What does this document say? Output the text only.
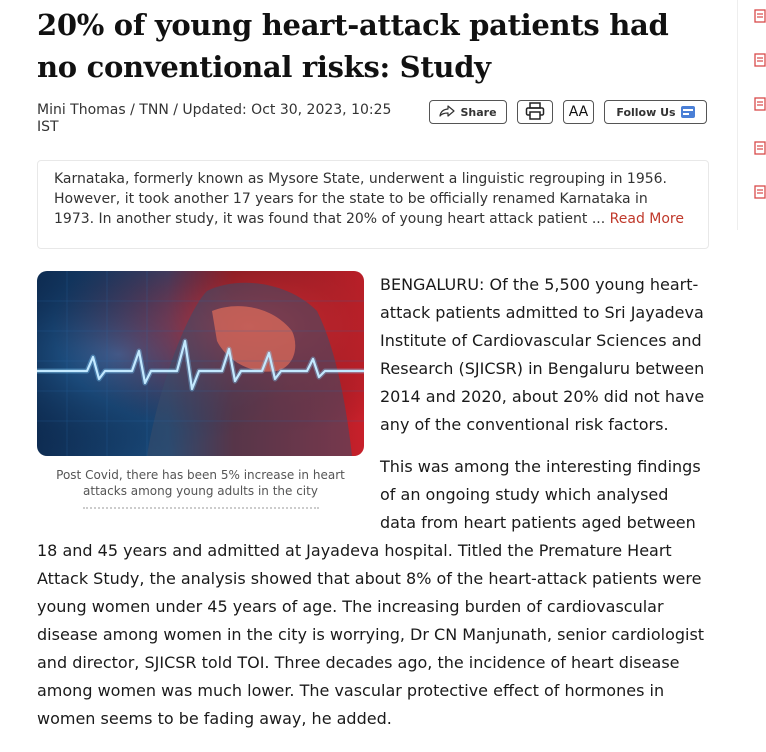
20% of young heart-attack patients had no conventional risks: Study
Mini Thomas / TNN / Updated: Oct 30, 2023, 10:25 IST
Share	AA	Follow Us
Karnataka, formerly known as Mysore State, underwent a linguistic regrouping in 1956. However, it took another 17 years for the state to be officially renamed Karnataka in 1973. In another study, it was found that 20% of young heart attack patient ... Read More
Post Covid, there has been 5% increase in heart attacks among young adults in the city

BENGALURU: Of the 5,500 young heart-attack patients admitted to Sri Jayadeva Institute of Cardiovascular Sciences and Research (SJICSR) in Bengaluru between 2014 and 2020, about 20% did not have any of the conventional risk factors.

This was among the interesting findings of an ongoing study which analysed data from heart patients aged between 18 and 45 years and admitted at Jayadeva hospital. Titled the Premature Heart Attack Study, the analysis showed that about 8% of the heart-attack patients were young women under 45 years of age. The increasing burden of cardiovascular disease among women in the city is worrying, Dr CN Manjunath, senior cardiologist and director, SJICSR told TOI. Three decades ago, the incidence of heart disease among women was much lower. The vascular protective effect of hormones in women seems to be fading away, he added.
